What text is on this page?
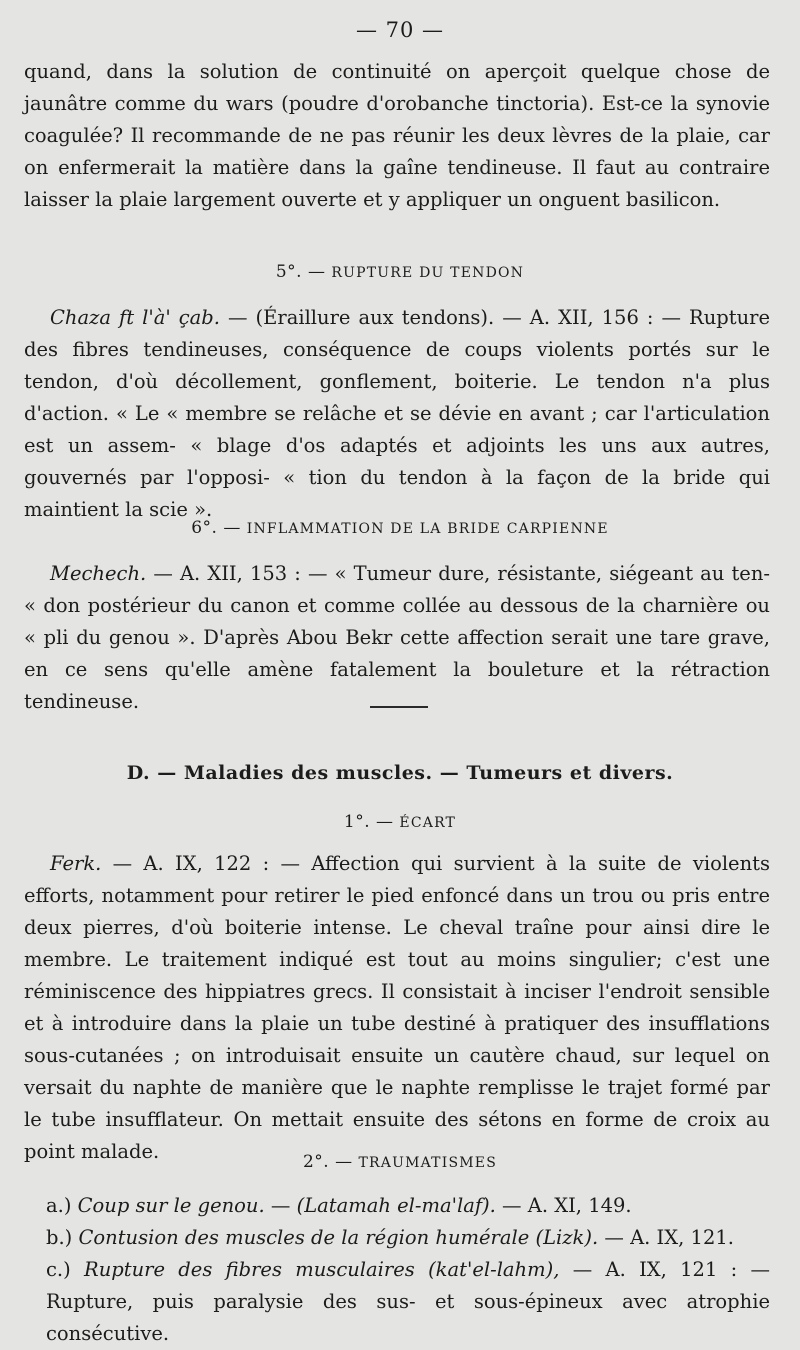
— 70 —

quand, dans la solution de continuité on aperçoit quelque chose de jaunâtre comme du wars (poudre d'orobanche tinctoria). Est-ce la synovie coagulée? Il recommande de ne pas réunir les deux lèvres de la plaie, car on enfermerait la matière dans la gaîne tendineuse. Il faut au contraire laisser la plaie largement ouverte et y appliquer un onguent basilicon.

5°. — RUPTURE DU TENDON

Chaza ft l'à' çab. — (Éraillure aux tendons). — A. XII, 156 : — Rupture des fibres tendineuses, conséquence de coups violents portés sur le tendon, d'où décollement, gonflement, boiterie. Le tendon n'a plus d'action. « Le « membre se relâche et se dévie en avant ; car l'articulation est un assem- « blage d'os adaptés et adjoints les uns aux autres, gouvernés par l'opposi- « tion du tendon à la façon de la bride qui maintient la scie ».

6°. — INFLAMMATION DE LA BRIDE CARPIENNE

Mechech. — A. XII, 153 : — « Tumeur dure, résistante, siégeant au ten- « don postérieur du canon et comme collée au dessous de la charnière ou « pli du genou ». D'après Abou Bekr cette affection serait une tare grave, en ce sens qu'elle amène fatalement la bouleture et la rétraction tendineuse.

D. — Maladies des muscles. — Tumeurs et divers.
1°. — ÉCART

Ferk. — A. IX, 122 : — Affection qui survient à la suite de violents efforts, notamment pour retirer le pied enfoncé dans un trou ou pris entre deux pierres, d'où boiterie intense. Le cheval traîne pour ainsi dire le membre. Le traitement indiqué est tout au moins singulier; c'est une réminiscence des hippiatres grecs. Il consistait à inciser l'endroit sensible et à introduire dans la plaie un tube destiné à pratiquer des insufflations sous-cutanées ; on introduisait ensuite un cautère chaud, sur lequel on versait du naphte de manière que le naphte remplisse le trajet formé par le tube insufflateur. On mettait ensuite des sétons en forme de croix au point malade.	2°. — TRAUMATISMES

a.) Coup sur le genou. — (Latamah el-ma'laf). — A. XI, 149.

b.) Contusion des muscles de la région humérale (Lizk). — A. IX, 121.

c.) Rupture des fibres musculaires (kat'el-lahm), — A. IX, 121 : — Rupture, puis paralysie des sus- et sous-épineux avec atrophie consécutive.
